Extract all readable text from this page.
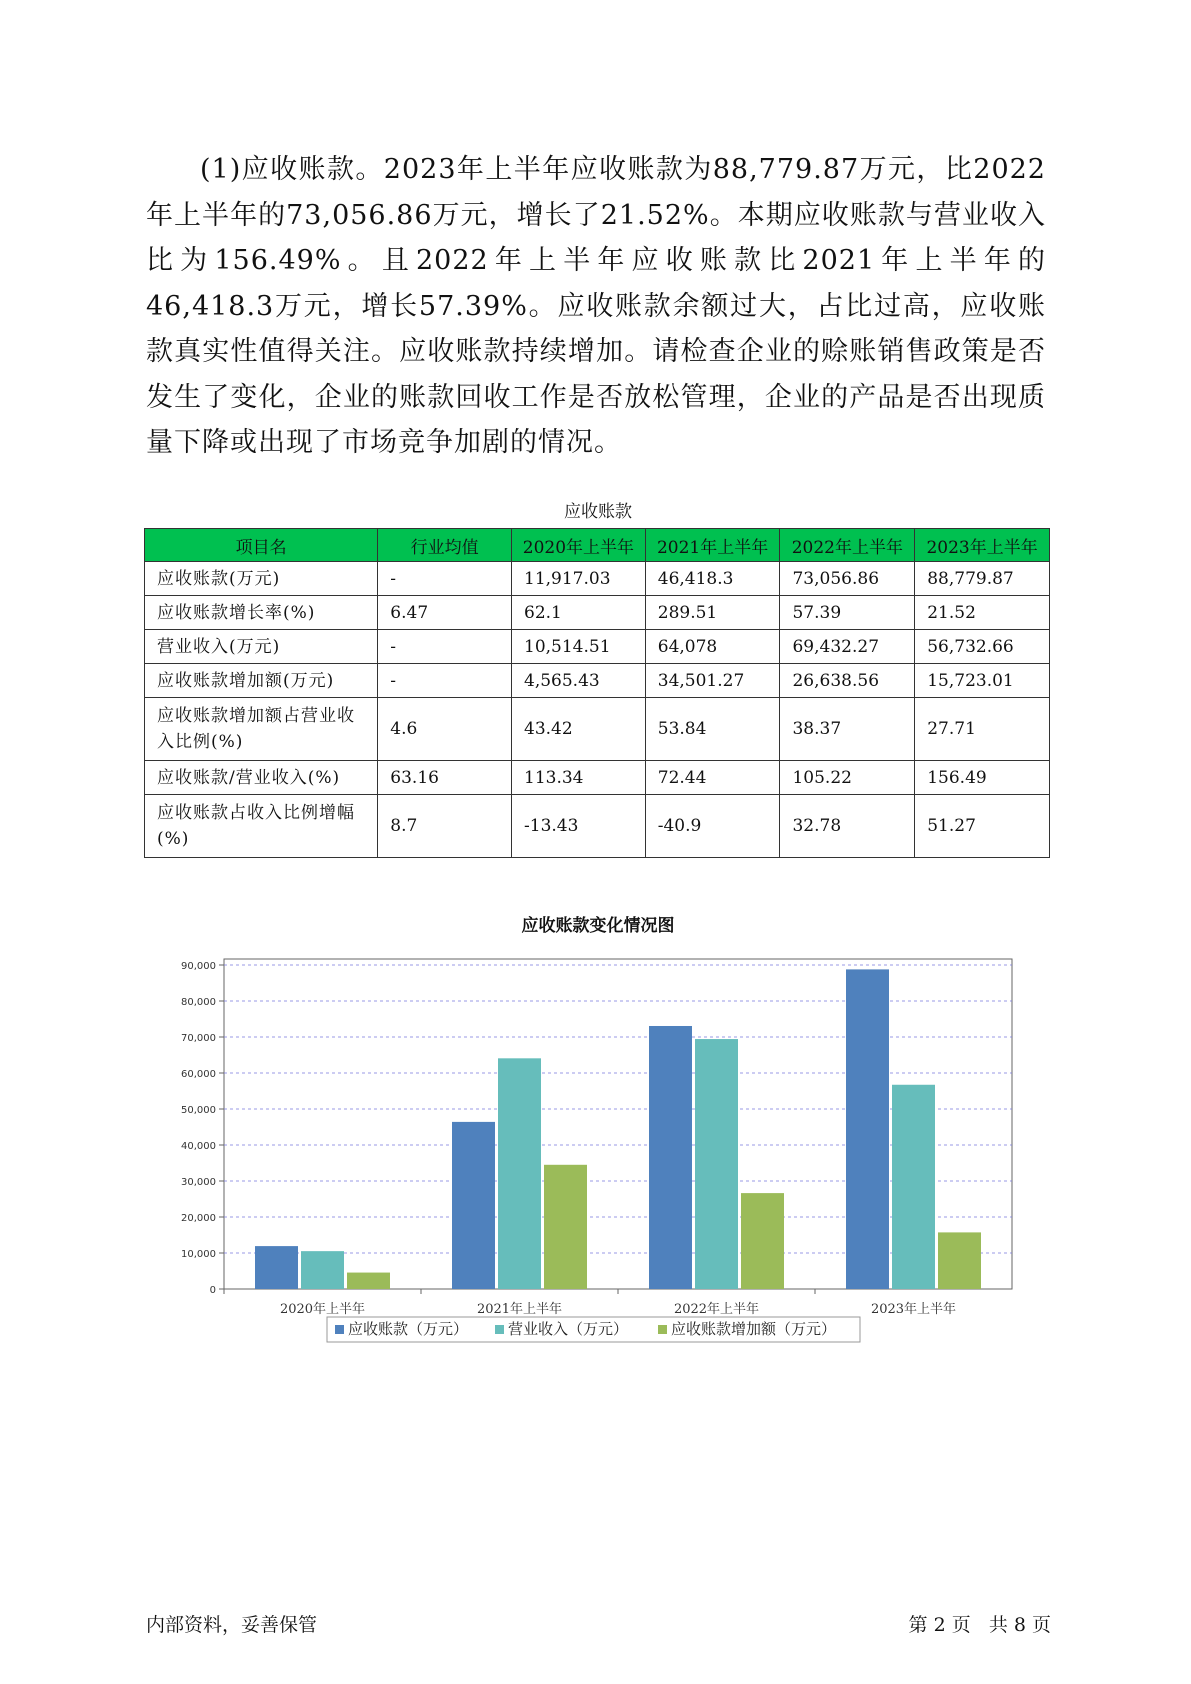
(1)应收账款。2023年上半年应收账款为88,779.87万元，比2022年上半年的73,056.86万元，增长了21.52%。本期应收账款与营业收入比为156.49%。且2022年上半年应收账款比2021年上半年的46,418.3万元，增长57.39%。应收账款余额过大，占比过高，应收账款真实性值得关注。应收账款持续增加。请检查企业的赊账销售政策是否发生了变化，企业的账款回收工作是否放松管理，企业的产品是否出现质量下降或出现了市场竞争加剧的情况。
应收账款
项目名	行业均值	2020年上半年	2021年上半年	2022年上半年	2023年上半年
应收账款(万元)	-	11,917.03	46,418.3	73,056.86	88,779.87
应收账款增长率(%)	6.47	62.1	289.51	57.39	21.52
营业收入(万元)	-	10,514.51	64,078	69,432.27	56,732.66
应收账款增加额(万元)	-	4,565.43	34,501.27	26,638.56	15,723.01
应收账款增加额占营业收入比例(%)	4.6	43.42	53.84	38.37	27.71
应收账款/营业收入(%)	63.16	113.34	72.44	105.22	156.49
应收账款占收入比例增幅(%)	8.7	-13.43	-40.9	32.78	51.27
应收账款变化情况图
0
10,000
20,000
30,000
40,000
50,000
60,000
70,000
80,000
90,000
2020年上半年	2021年上半年	2022年上半年	2023年上半年
应收账款（万元）	营业收入（万元）	应收账款增加额（万元）
内部资料，妥善保管	第 2 页   共 8 页
